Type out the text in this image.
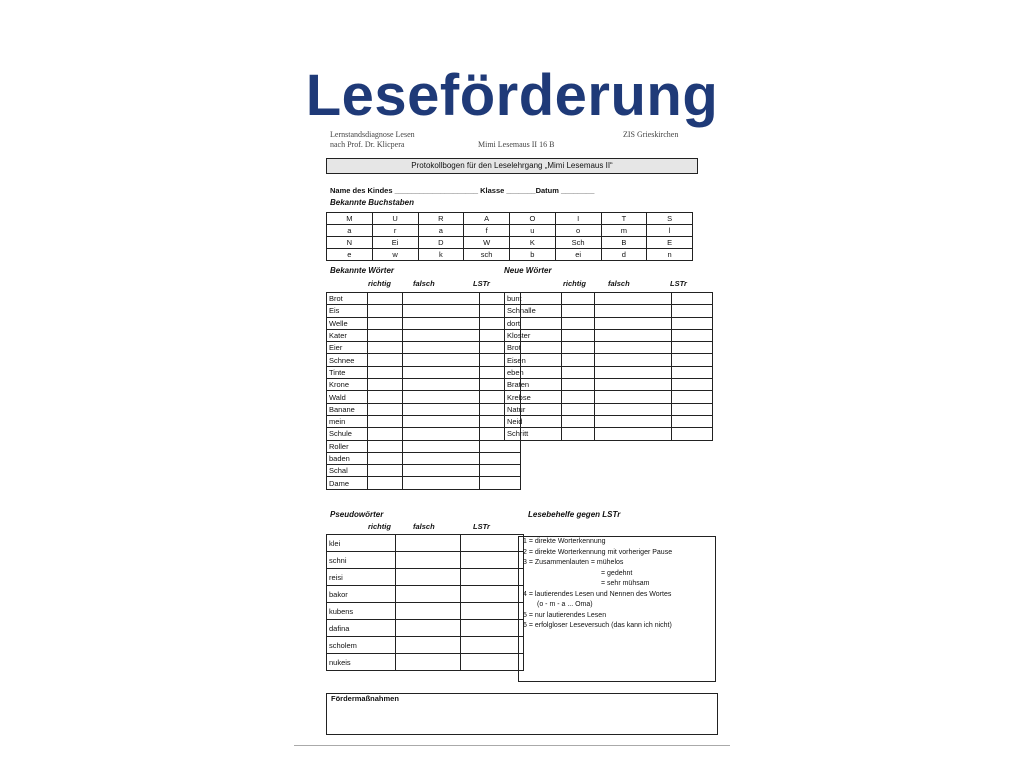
Leseförderung
Lernstandsdiagnose Lesen
nach Prof. Dr. Klicpera
ZIS Grieskirchen
Mimi Lesemaus II 16 B
Protokollbogen für den Leselehrgang „Mimi Lesemaus II“
Name des Kindes ____________________ Klasse _______Datum ________
Bekannte Buchstaben
M	U	R	A	O	I	T	S
a	r	a	f	u	o	m	l
N	Ei	D	W	K	Sch	B	E
e	w	k	sch	b	ei	d	n
Bekannte Wörter	Neue Wörter
richtig	falsch	LSTr	richtig	falsch	LSTr
Brot			
Eis			
Welle			
Kater			
Eier			
Schnee			
Tinte			
Krone			
Wald			
Banane			
mein			
Schule			
Roller			
baden			
Schal			
Dame			
bunt			
Schnalle			
dort			
Kloster			
Brot			
Eisen			
eben			
Braten			
Krebse			
Natur			
Neid			
Schritt			
Pseudowörter	Lesebehelfe gegen LSTr
richtig	falsch	LSTr
klei		
schni		
reisi		
bakor		
kubens		
dafina		
scholem		
nukeis		
1 = direkte Worterkennung
2 = direkte Worterkennung mit vorheriger Pause
3 = Zusammenlauten = mühelos
= gedehnt
= sehr mühsam
4 = lautierendes Lesen und Nennen des Wortes
(o - m - a ... Oma)
5 = nur lautierendes Lesen
6 = erfolgloser Leseversuch (das kann ich nicht)
Fördermaßnahmen
